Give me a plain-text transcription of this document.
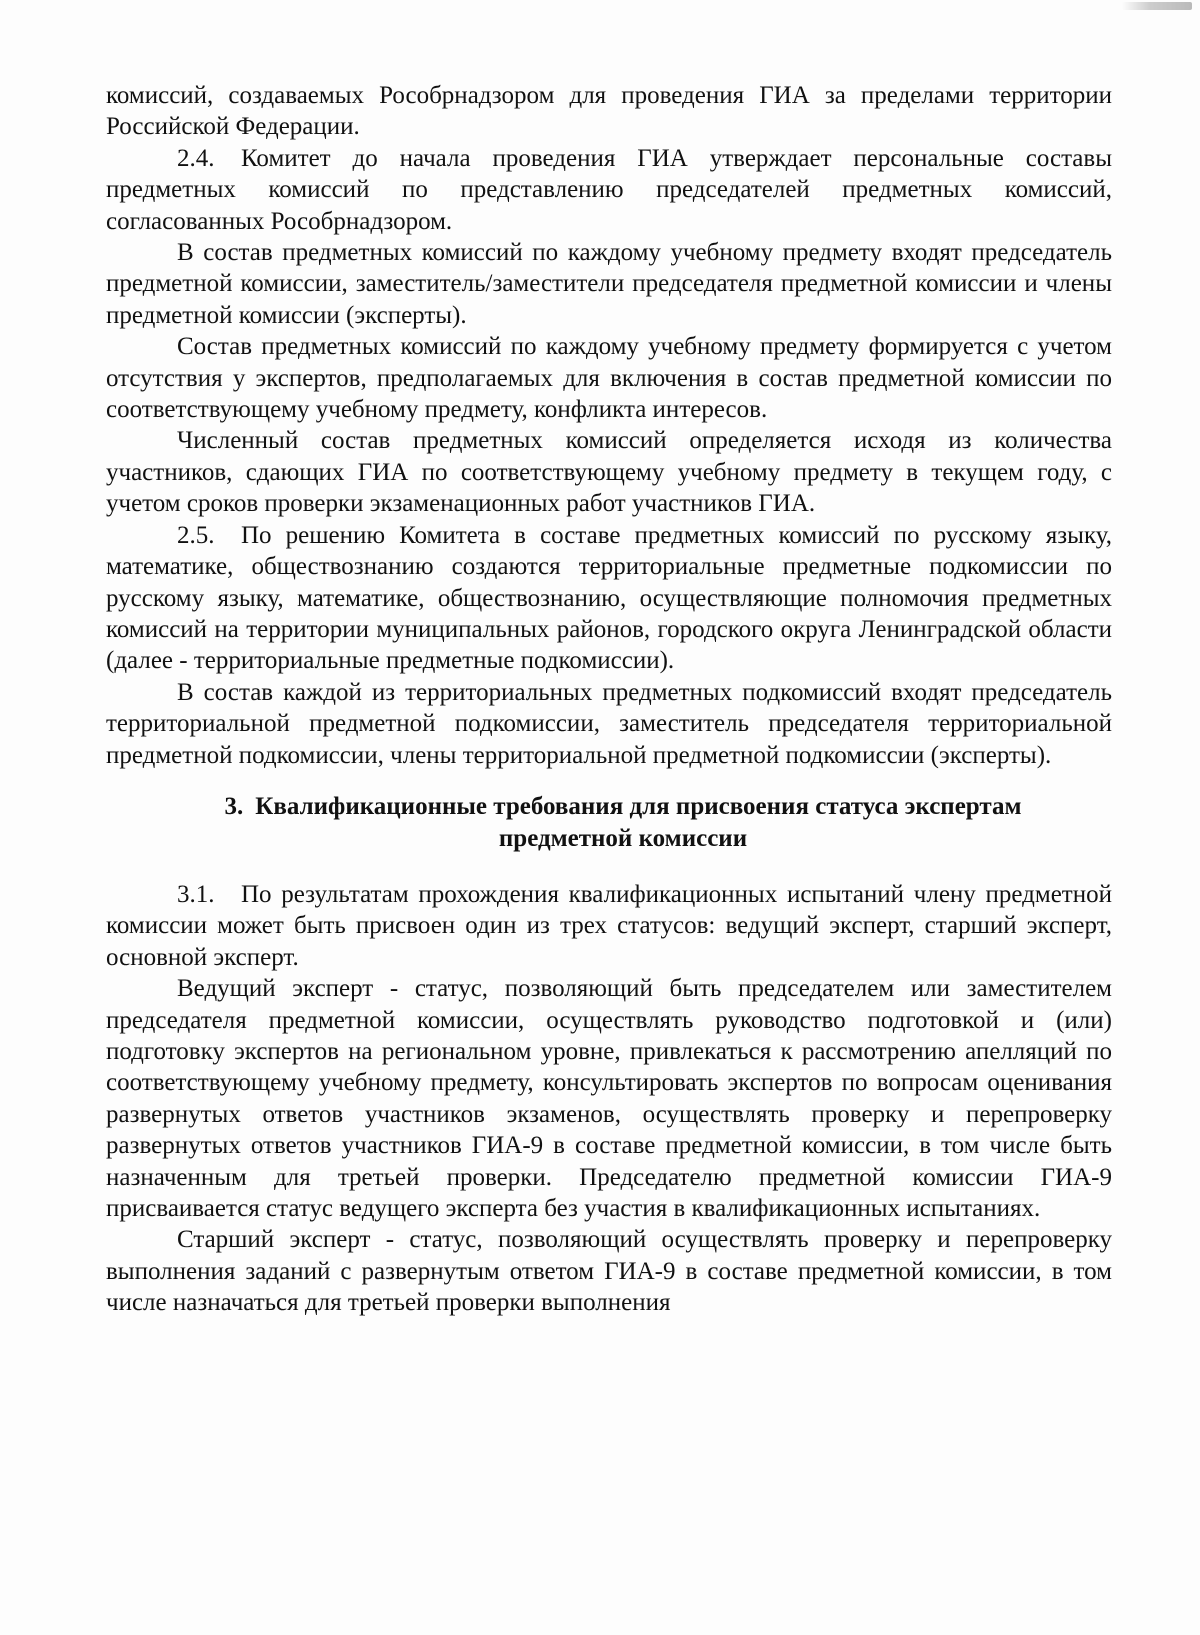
комиссий, создаваемых Рособрнадзором для проведения ГИА за пределами территории Российской Федерации.

2.4. Комитет до начала проведения ГИА утверждает персональные составы предметных комиссий по представлению председателей предметных комиссий, согласованных Рособрнадзором.

В состав предметных комиссий по каждому учебному предмету входят председатель предметной комиссии, заместитель/заместители председателя предметной комиссии и члены предметной комиссии (эксперты).

Состав предметных комиссий по каждому учебному предмету формируется с учетом отсутствия у экспертов, предполагаемых для включения в состав предметной комиссии по соответствующему учебному предмету, конфликта интересов.

Численный состав предметных комиссий определяется исходя из количества участников, сдающих ГИА по соответствующему учебному предмету в текущем году, с учетом сроков проверки экзаменационных работ участников ГИА.

2.5. По решению Комитета в составе предметных комиссий по русскому языку, математике, обществознанию создаются территориальные предметные подкомиссии по русскому языку, математике, обществознанию, осуществляющие полномочия предметных комиссий на территории муниципальных районов, городского округа Ленинградской области (далее - территориальные предметные подкомиссии).

В состав каждой из территориальных предметных подкомиссий входят председатель территориальной предметной подкомиссии, заместитель председателя территориальной предметной подкомиссии, члены территориальной предметной подкомиссии (эксперты).

3. Квалификационные требования для присвоения статуса экспертам
предметной комиссии

3.1. По результатам прохождения квалификационных испытаний члену предметной комиссии может быть присвоен один из трех статусов: ведущий эксперт, старший эксперт, основной эксперт.

Ведущий эксперт - статус, позволяющий быть председателем или заместителем председателя предметной комиссии, осуществлять руководство подготовкой и (или) подготовку экспертов на региональном уровне, привлекаться к рассмотрению апелляций по соответствующему учебному предмету, консультировать экспертов по вопросам оценивания развернутых ответов участников экзаменов, осуществлять проверку и перепроверку развернутых ответов участников ГИА-9 в составе предметной комиссии, в том числе быть назначенным для третьей проверки. Председателю предметной комиссии ГИА-9 присваивается статус ведущего эксперта без участия в квалификационных испытаниях.

Старший эксперт - статус, позволяющий осуществлять проверку и перепроверку выполнения заданий с развернутым ответом ГИА-9 в составе предметной комиссии, в том числе назначаться для третьей проверки выполнения
